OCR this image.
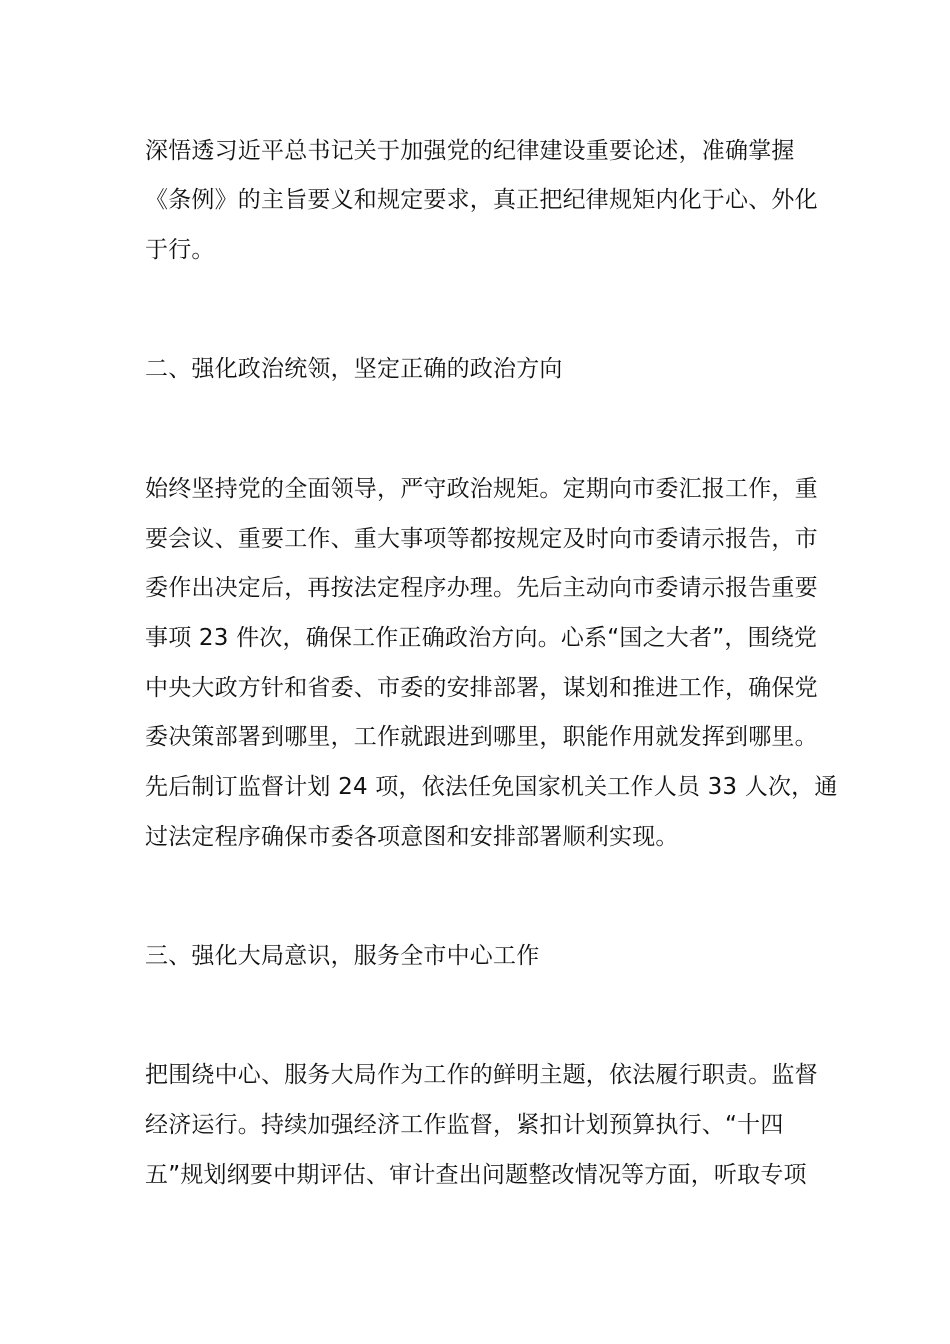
深悟透习近平总书记关于加强党的纪律建设重要论述，准确掌握
《条例》的主旨要义和规定要求，真正把纪律规矩内化于心、外化
于行。
二、强化政治统领，坚定正确的政治方向
始终坚持党的全面领导，严守政治规矩。定期向市委汇报工作，重
要会议、重要工作、重大事项等都按规定及时向市委请示报告，市
委作出决定后，再按法定程序办理。先后主动向市委请示报告重要
事项 23 件次，确保工作正确政治方向。心系“国之大者”，围绕党
中央大政方针和省委、市委的安排部署，谋划和推进工作，确保党
委决策部署到哪里，工作就跟进到哪里，职能作用就发挥到哪里。
先后制订监督计划 24 项，依法任免国家机关工作人员 33 人次，通
过法定程序确保市委各项意图和安排部署顺利实现。
三、强化大局意识，服务全市中心工作
把围绕中心、服务大局作为工作的鲜明主题，依法履行职责。监督
经济运行。持续加强经济工作监督，紧扣计划预算执行、“十四
五”规划纲要中期评估、审计查出问题整改情况等方面，听取专项
